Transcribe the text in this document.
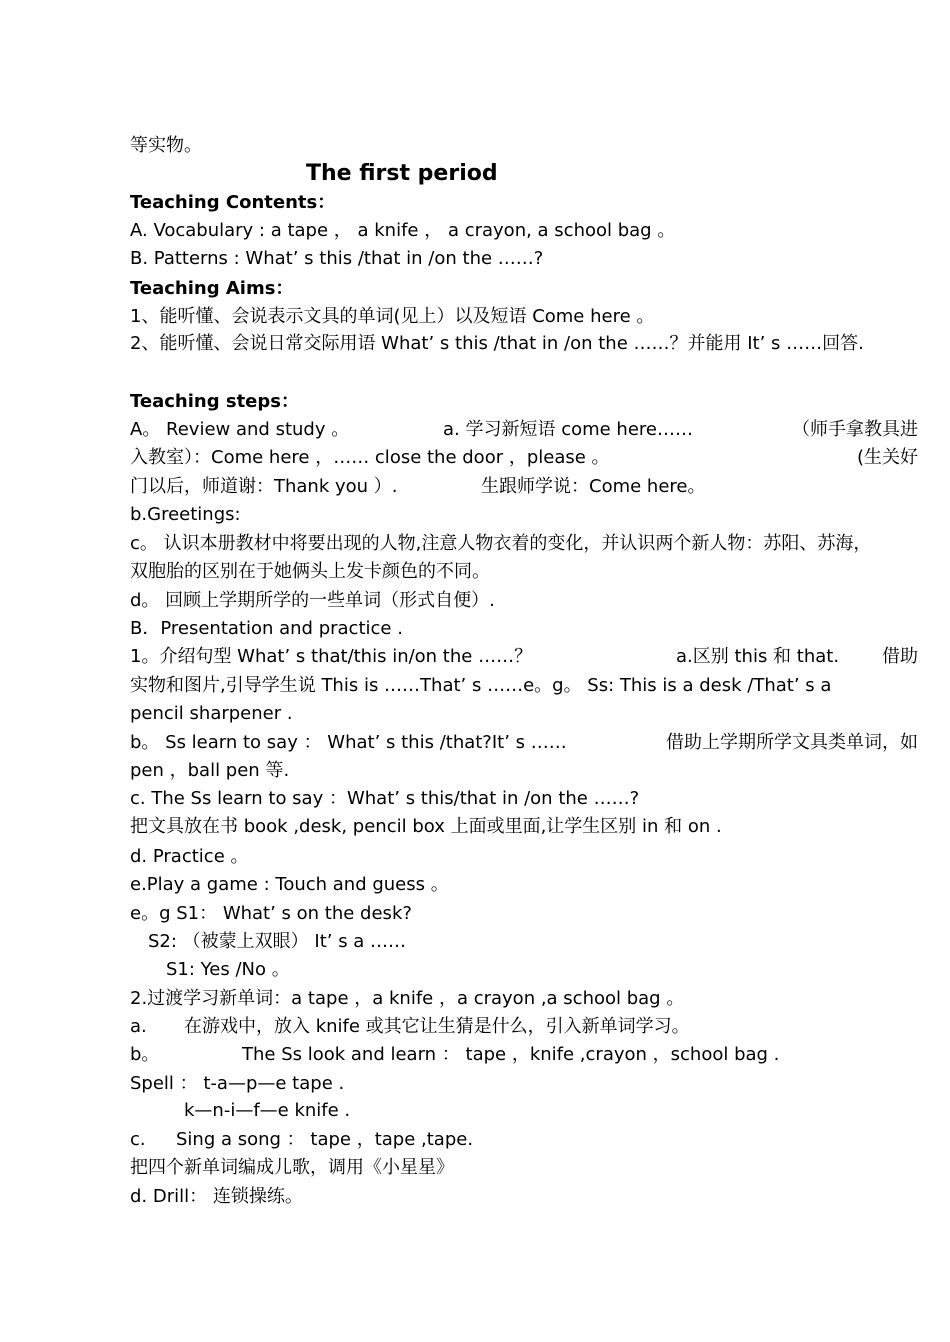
等实物。
The first period
Teaching Contents：
A. Vocabulary : a tape ， a knife ， a crayon, a school bag 。
B. Patterns : What’ s this /that in /on the ……?
Teaching Aims：
1、能听懂、会说表示文具的单词(见上）以及短语 Come here 。
2、能听懂、会说日常交际用语 What’ s this /that in /on the ……？并能用 It’ s ……回答.
Teaching steps：
A。 Review and study 。	a. 学习新短语 come here……	（师手拿教具进
入教室）：Come here ，…… close the door ，please 。	(生关好
门以后，师道谢：Thank you ）.	生跟师学说：Come here。
b.Greetings:
c。 认识本册教材中将要出现的人物,注意人物衣着的变化，并认识两个新人物：苏阳、苏海，
双胞胎的区别在于她俩头上发卡颜色的不同。
d。 回顾上学期所学的一些单词（形式自便）.
B．Presentation and practice .
1。介绍句型 What’ s that/this in/on the ……？	a.区别 this 和 that. 借助
实物和图片,引导学生说 This is ……That’ s ……e。g。 Ss: This is a desk /That’ s a
pencil sharpener .
b。 Ss learn to say ： What’ s this /that?It’ s ……	借助上学期所学文具类单词，如
pen ，ball pen 等.
c. The Ss learn to say ：What’ s this/that in /on the ……?
把文具放在书 book ,desk, pencil box 上面或里面,让学生区别 in 和 on .
d. Practice 。
e.Play a game : Touch and guess 。
e。g S1： What’ s on the desk?
S2: （被蒙上双眼） It’ s a ……
S1: Yes /No 。
2.过渡学习新单词：a tape ，a knife ，a crayon ,a school bag 。
a. 在游戏中，放入 knife 或其它让生猜是什么，引入新单词学习。
b。	The Ss look and learn ： tape ，knife ,crayon ，school bag .
Spell ： t-a—p—e tape .
k—n-i—f—e knife .
c. Sing a song ： tape ，tape ,tape.
把四个新单词编成儿歌，调用《小星星》
d. Drill： 连锁操练。
